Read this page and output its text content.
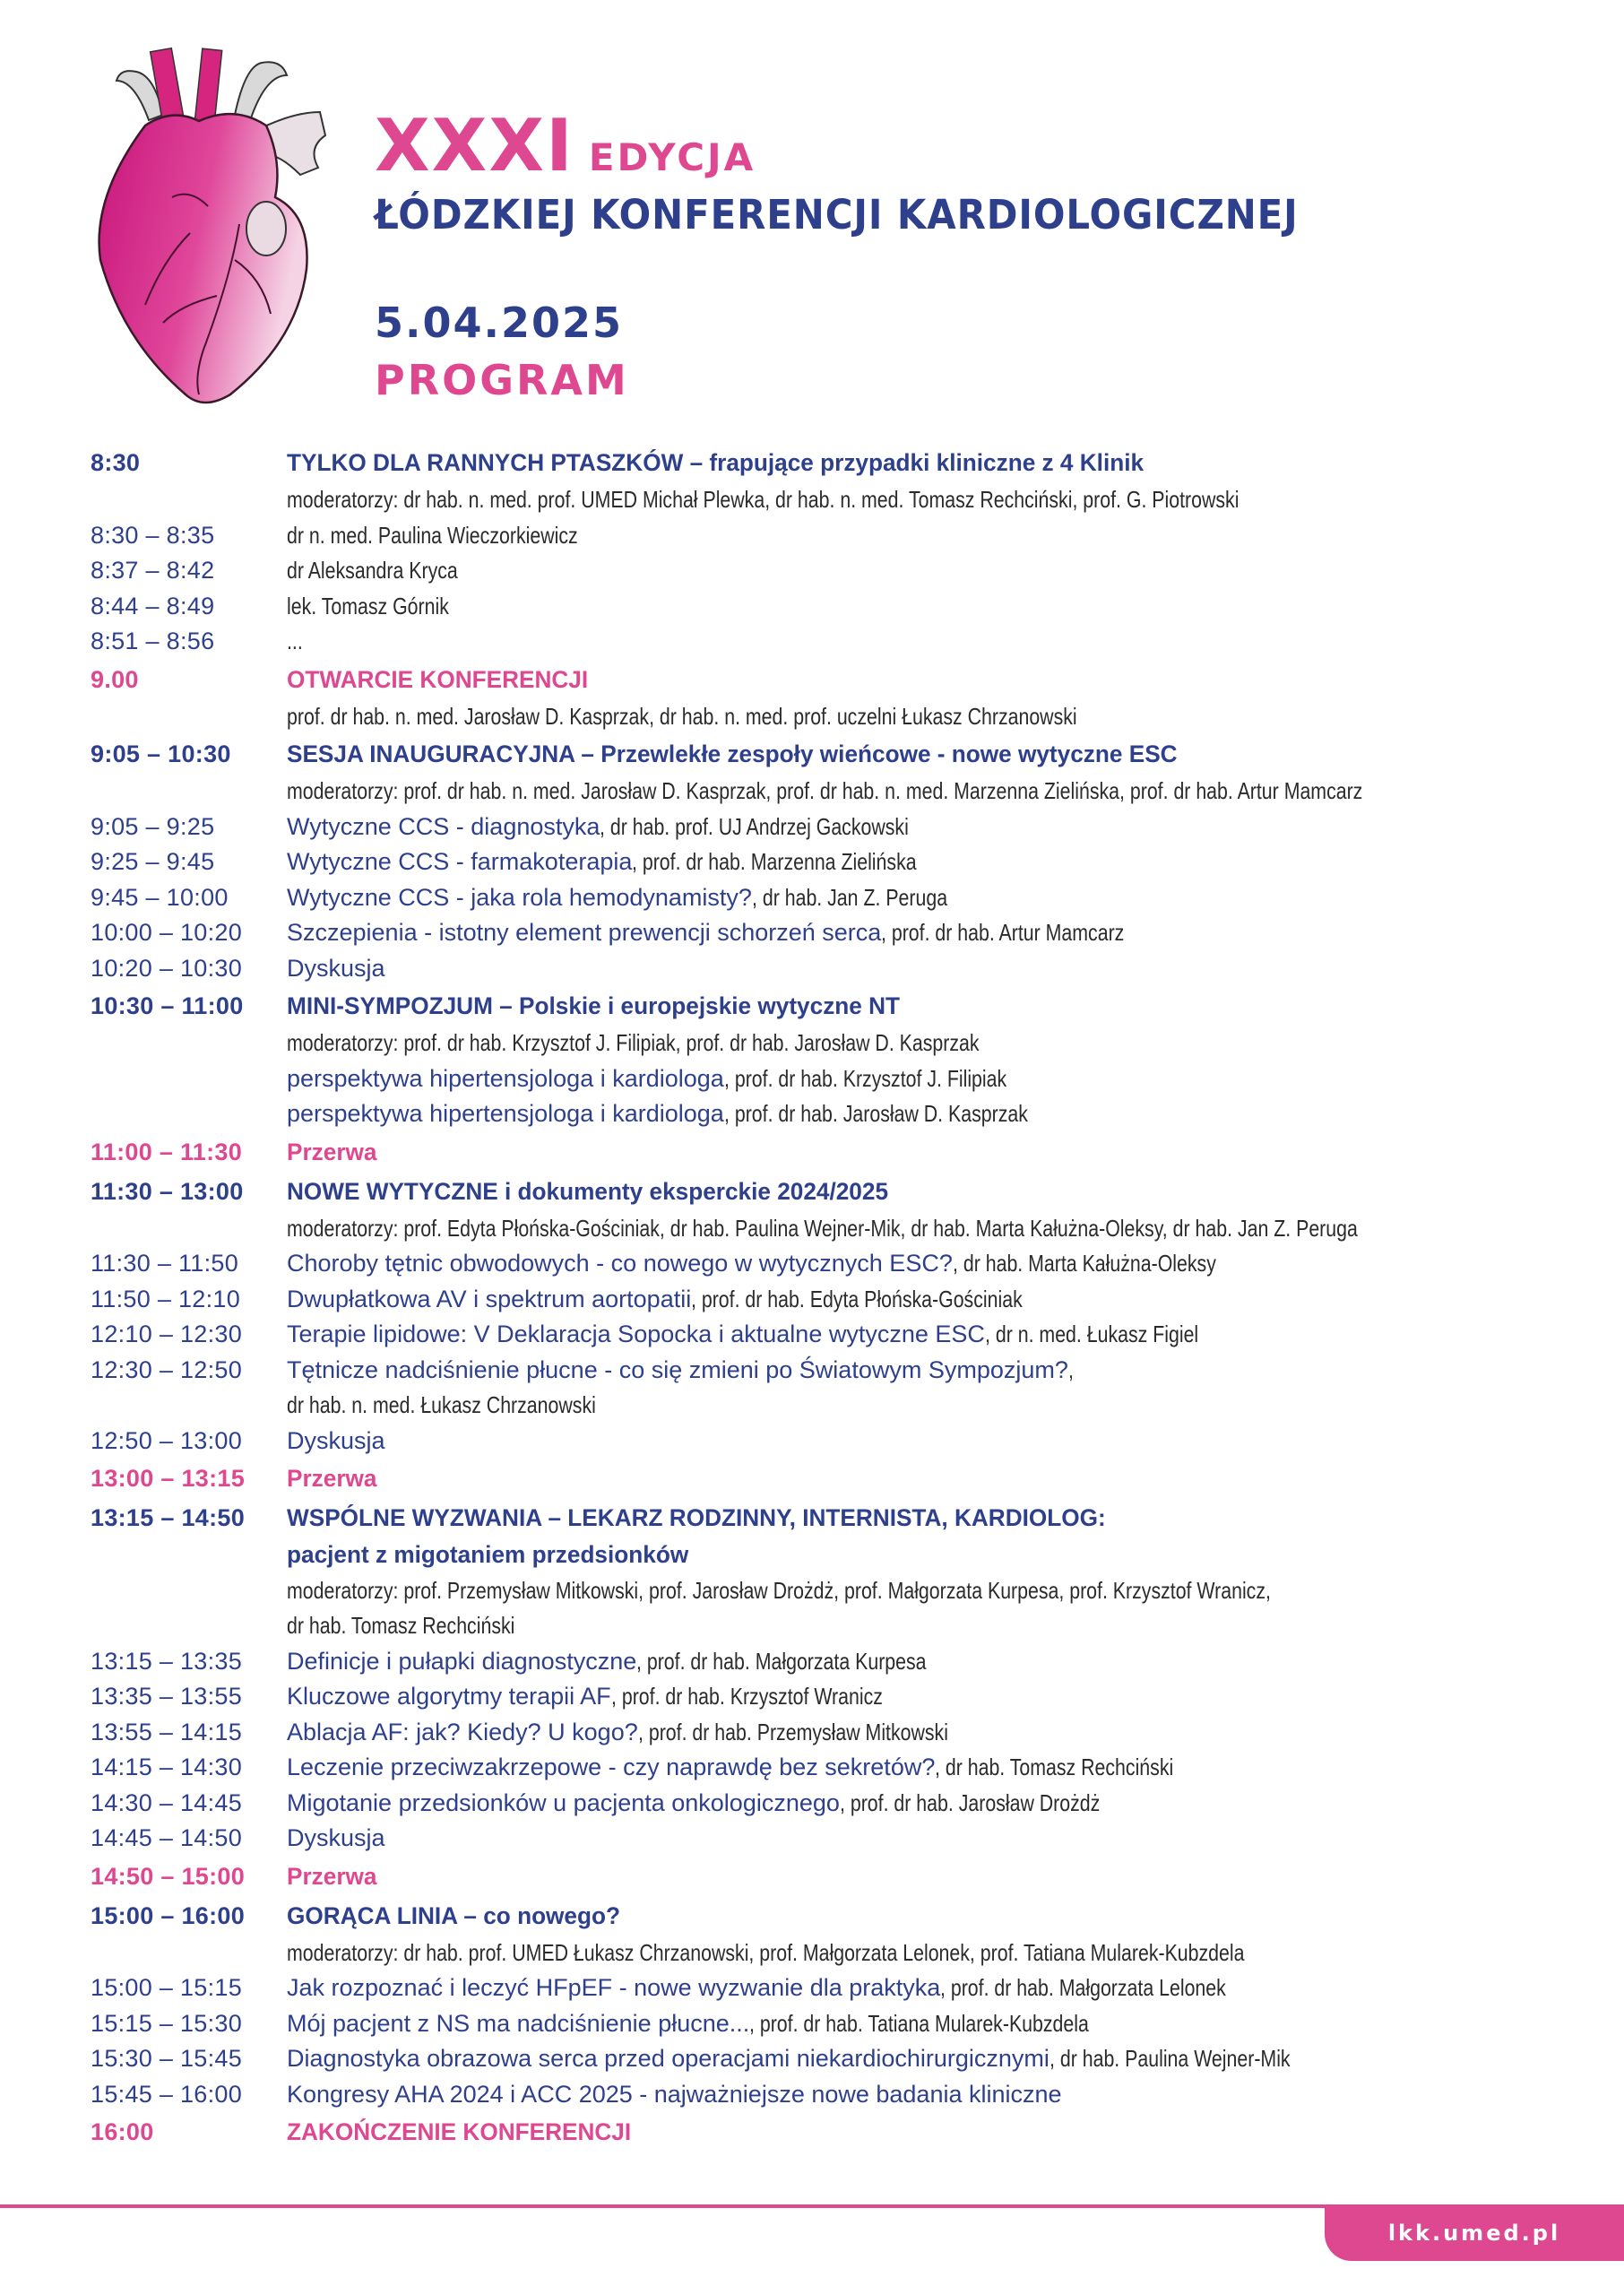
XXXI EDYCJA
ŁÓDZKIEJ KONFERENCJI KARDIOLOGICZNEJ
5.04.2025
PROGRAM
8:30	TYLKO DLA RANNYCH PTASZKÓW – frapujące przypadki kliniczne z 4 Klinik
moderatorzy: dr hab. n. med. prof. UMED Michał Plewka, dr hab. n. med. Tomasz Rechciński, prof. G. Piotrowski
8:30 – 8:35	dr n. med. Paulina Wieczorkiewicz
8:37 – 8:42	dr Aleksandra Kryca
8:44 – 8:49	lek. Tomasz Górnik
8:51 – 8:56	...
9.00	OTWARCIE KONFERENCJI
prof. dr hab. n. med. Jarosław D. Kasprzak, dr hab. n. med. prof. uczelni Łukasz Chrzanowski
9:05 – 10:30	SESJA INAUGURACYJNA – Przewlekłe zespoły wieńcowe - nowe wytyczne ESC
moderatorzy: prof. dr hab. n. med. Jarosław D. Kasprzak, prof. dr hab. n. med. Marzenna Zielińska, prof. dr hab. Artur Mamcarz
9:05 – 9:25	Wytyczne CCS - diagnostyka, dr hab. prof. UJ Andrzej Gackowski
9:25 – 9:45	Wytyczne CCS - farmakoterapia, prof. dr hab. Marzenna Zielińska
9:45 – 10:00	Wytyczne CCS - jaka rola hemodynamisty?, dr hab. Jan Z. Peruga
10:00 – 10:20	Szczepienia - istotny element prewencji schorzeń serca, prof. dr hab. Artur Mamcarz
10:20 – 10:30	Dyskusja
10:30 – 11:00	MINI-SYMPOZJUM – Polskie i europejskie wytyczne NT
moderatorzy: prof. dr hab. Krzysztof J. Filipiak, prof. dr hab. Jarosław D. Kasprzak
perspektywa hipertensjologa i kardiologa, prof. dr hab. Krzysztof J. Filipiak
perspektywa hipertensjologa i kardiologa, prof. dr hab. Jarosław D. Kasprzak
11:00 – 11:30	Przerwa
11:30 – 13:00	NOWE WYTYCZNE i dokumenty eksperckie 2024/2025
moderatorzy: prof. Edyta Płońska-Gościniak, dr hab. Paulina Wejner-Mik, dr hab. Marta Kałużna-Oleksy, dr hab. Jan Z. Peruga
11:30 – 11:50	Choroby tętnic obwodowych - co nowego w wytycznych ESC?, dr hab. Marta Kałużna-Oleksy
11:50 – 12:10	Dwupłatkowa AV i spektrum aortopatii, prof. dr hab. Edyta Płońska-Gościniak
12:10 – 12:30	Terapie lipidowe: V Deklaracja Sopocka i aktualne wytyczne ESC, dr n. med. Łukasz Figiel
12:30 – 12:50	Tętnicze nadciśnienie płucne - co się zmieni po Światowym Sympozjum?,
dr hab. n. med. Łukasz Chrzanowski
12:50 – 13:00	Dyskusja
13:00 – 13:15	Przerwa
13:15 – 14:50	WSPÓLNE WYZWANIA – LEKARZ RODZINNY, INTERNISTA, KARDIOLOG:
pacjent z migotaniem przedsionków
moderatorzy: prof. Przemysław Mitkowski, prof. Jarosław Drożdż, prof. Małgorzata Kurpesa, prof. Krzysztof Wranicz,
dr hab. Tomasz Rechciński
13:15 – 13:35	Definicje i pułapki diagnostyczne, prof. dr hab. Małgorzata Kurpesa
13:35 – 13:55	Kluczowe algorytmy terapii AF, prof. dr hab. Krzysztof Wranicz
13:55 – 14:15	Ablacja AF: jak? Kiedy? U kogo?, prof. dr hab. Przemysław Mitkowski
14:15 – 14:30	Leczenie przeciwzakrzepowe - czy naprawdę bez sekretów?, dr hab. Tomasz Rechciński
14:30 – 14:45	Migotanie przedsionków u pacjenta onkologicznego, prof. dr hab. Jarosław Drożdż
14:45 – 14:50	Dyskusja
14:50 – 15:00	Przerwa
15:00 – 16:00	GORĄCA LINIA – co nowego?
moderatorzy: dr hab. prof. UMED Łukasz Chrzanowski, prof. Małgorzata Lelonek, prof. Tatiana Mularek-Kubzdela
15:00 – 15:15	Jak rozpoznać i leczyć HFpEF - nowe wyzwanie dla praktyka, prof. dr hab. Małgorzata Lelonek
15:15 – 15:30	Mój pacjent z NS ma nadciśnienie płucne..., prof. dr hab. Tatiana Mularek-Kubzdela
15:30 – 15:45	Diagnostyka obrazowa serca przed operacjami niekardiochirurgicznymi, dr hab. Paulina Wejner-Mik
15:45 – 16:00	Kongresy AHA 2024 i ACC 2025 - najważniejsze nowe badania kliniczne
16:00	ZAKOŃCZENIE KONFERENCJI
lkk.umed.pl
